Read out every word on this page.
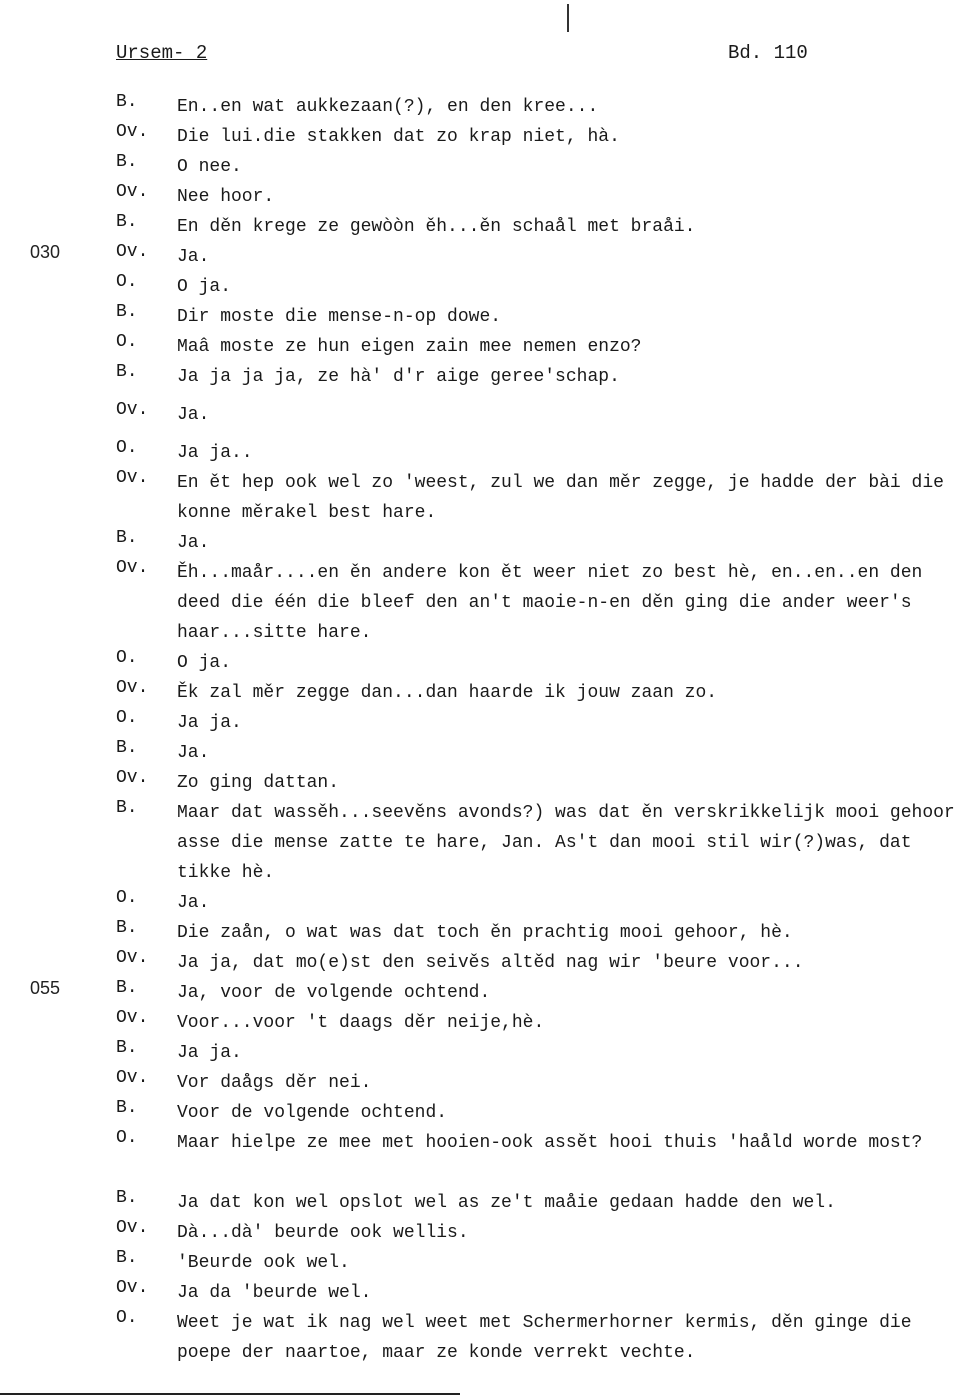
Ursem- 2	Bd. 110
B. En..en wat aukkezaan(?), en den kree...
Ov. Die lui.die stakken dat zo krap niet, hà.
B. O nee.
Ov. Nee hoor.
B. En děn krege ze gewòòn ěh...ěn schaål met braåi.
030	Ov. Ja.
O. O ja.
B. Dir moste die mense-n-op dowe.
O. Maâ moste ze hun eigen zain mee nemen enzo?
B. Ja ja ja ja, ze hà' d'r aige geree'schap.
Ov. Ja.
O. Ja ja..
Ov. En ět hep ook wel zo 'weest, zul we dan měr zegge, je hadde der bài die konne měrakel best hare.
B. Ja.
Ov. Ěh...maår....en ěn andere kon ět weer niet zo best hè, en..en..en den deed die één die bleef den an't maoie-n-en děn ging die ander weer's haar...sitte hare.
O. O ja.
Ov. Ěk zal měr zegge dan...dan haarde ik jouw zaan zo.
O. Ja ja.
B. Ja.
Ov. Zo ging dattan.
B. Maar dat wassěh...seevěns avonds?) was dat ěn verskrikkelijk mooi gehoor asse die mense zatte te hare, Jan. As't dan mooi stil wir(?)was, dat tikke hè.
O. Ja.
B. Die zaån, o wat was dat toch ěn prachtig mooi gehoor, hè.
Ov. Ja ja, dat mo(e)st den seivěs altěd nag wir 'beure voor...
055	B. Ja, voor de volgende ochtend.
Ov. Voor...voor 't daags děr neije,hè.
B. Ja ja.
Ov. Vor daågs děr nei.
B. Voor de volgende ochtend.
O. Maar hielpe ze mee met hooien-ook assět hooi thuis 'haåld worde most?
B. Ja dat kon wel opslot wel as ze't maåie gedaan hadde den wel.
Ov. Dà...dà' beurde ook wellis.
B. 'Beurde ook wel.
Ov. Ja da 'beurde wel.
O. Weet je wat ik nag wel weet met Schermerhorner kermis, děn ginge die poepe der naartoe, maar ze konde verrekt vechte.
